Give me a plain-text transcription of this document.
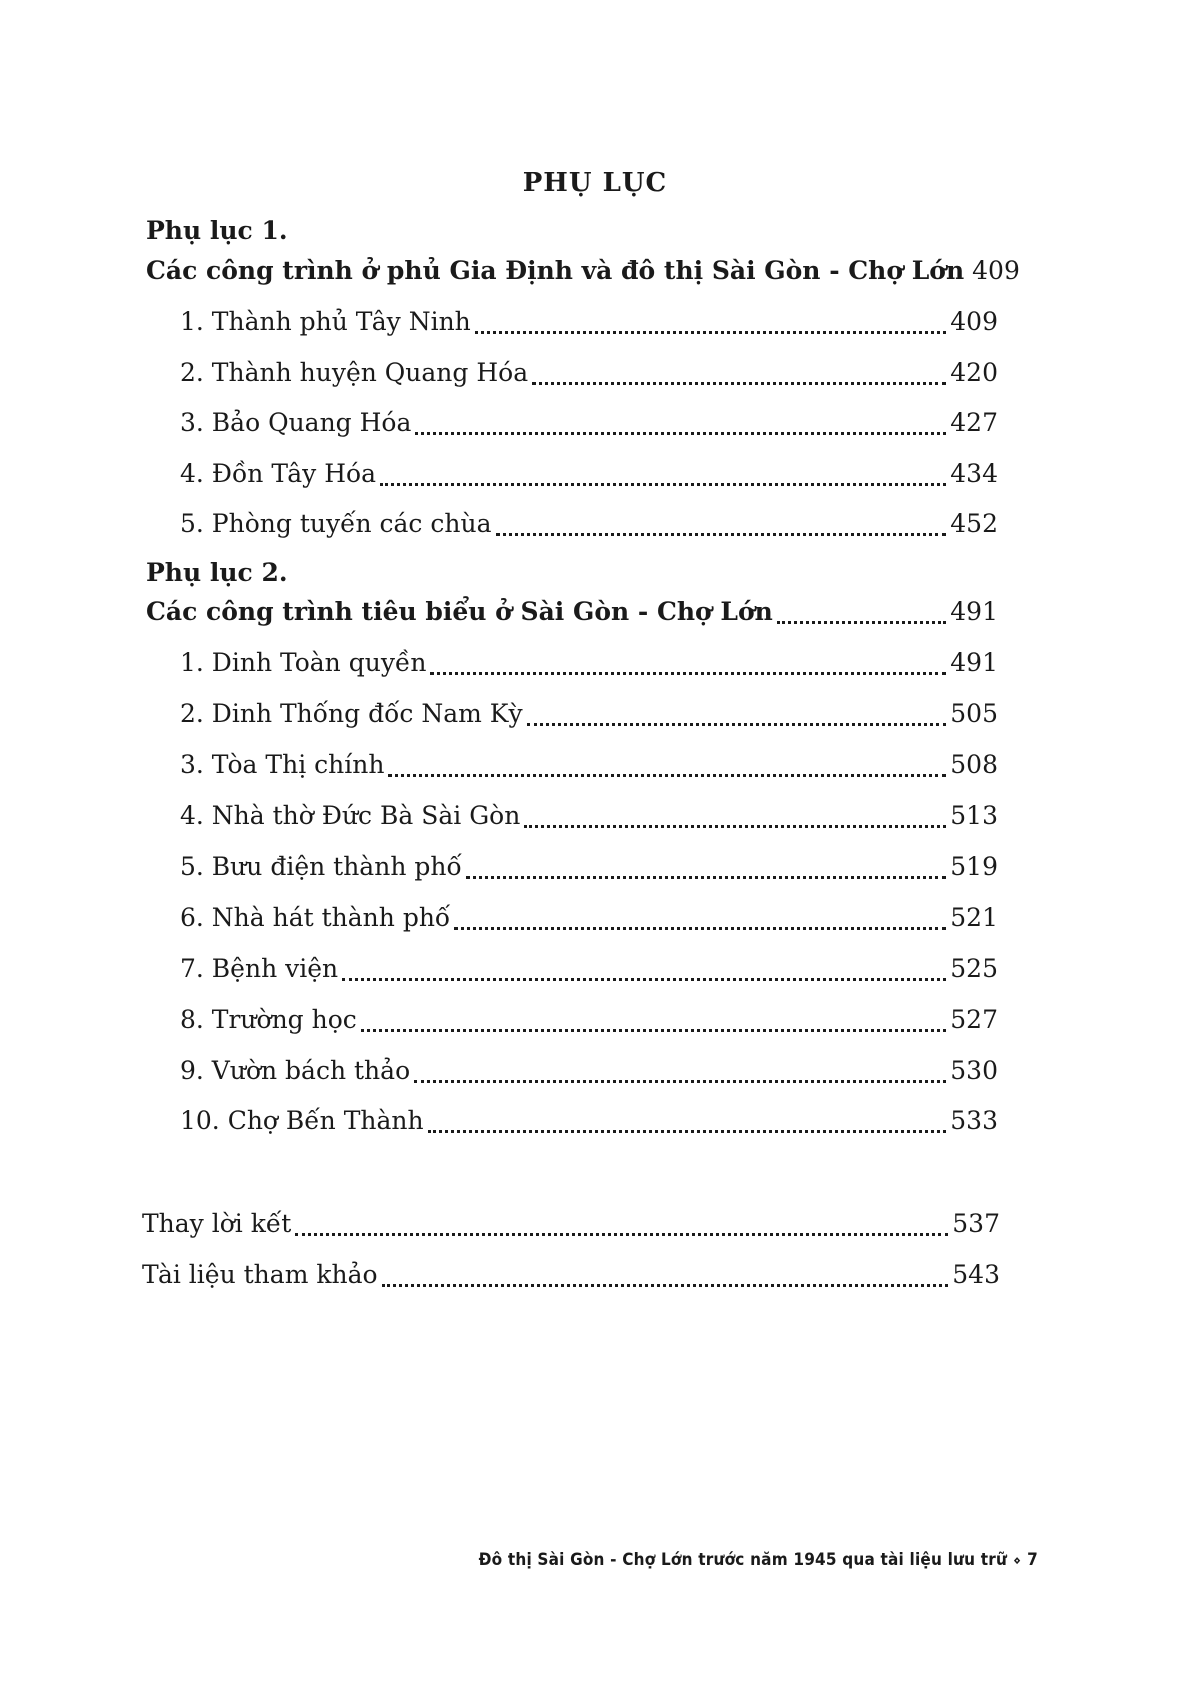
PHỤ LỤC
Phụ lục 1.
Các công trình ở phủ Gia Định và đô thị Sài Gòn - Chợ Lớn 409
1. Thành phủ Tây Ninh	409
2. Thành huyện Quang Hóa	420
3. Bảo Quang Hóa	427
4. Đồn Tây Hóa	434
5. Phòng tuyến các chùa	452
Phụ lục 2.
Các công trình tiêu biểu ở Sài Gòn - Chợ Lớn	491
1. Dinh Toàn quyền	491
2. Dinh Thống đốc Nam Kỳ	505
3. Tòa Thị chính	508
4. Nhà thờ Đức Bà Sài Gòn	513
5. Bưu điện thành phố	519
6. Nhà hát thành phố	521
7. Bệnh viện	525
8. Trường học	527
9. Vườn bách thảo	530
10. Chợ Bến Thành	533
Thay lời kết	537
Tài liệu tham khảo	543
Đô thị Sài Gòn - Chợ Lớn trước năm 1945 qua tài liệu lưu trữ ⋄ 7
